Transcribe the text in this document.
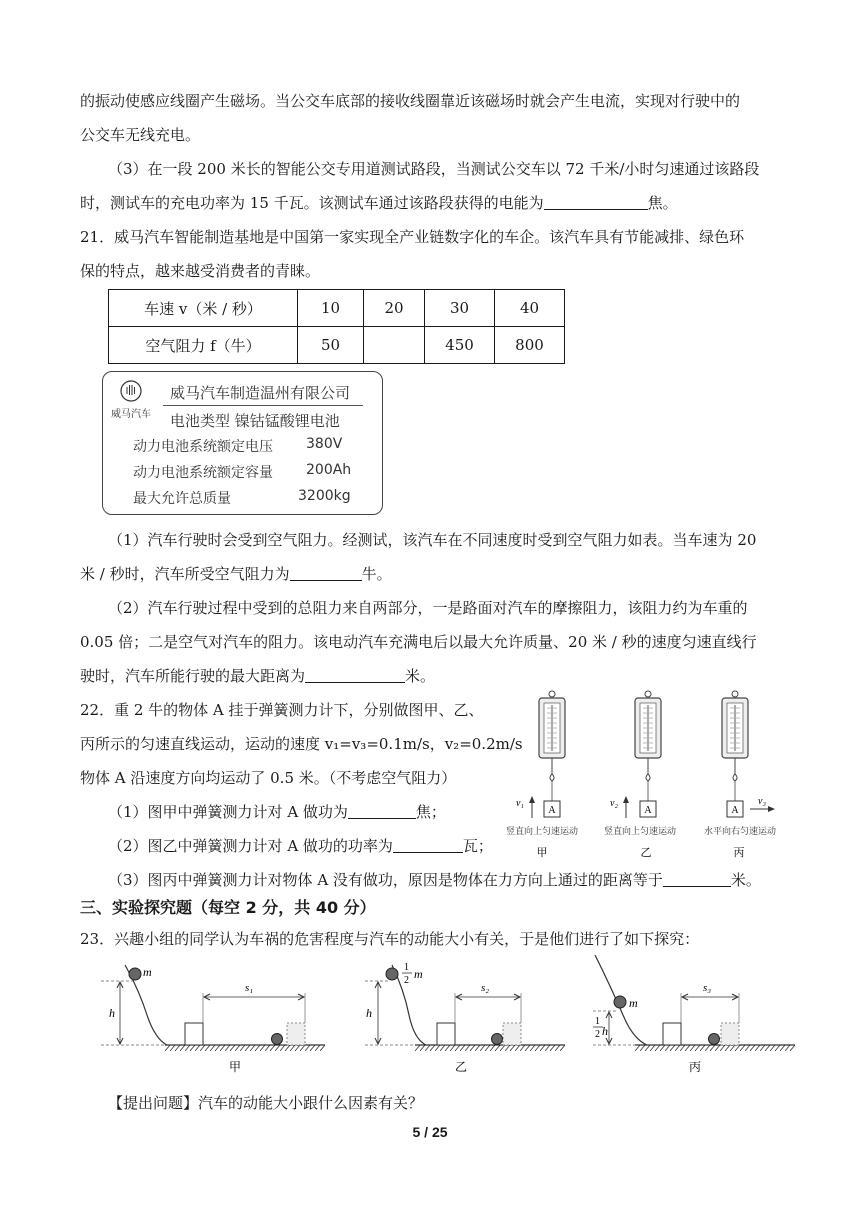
的振动使感应线圈产生磁场。当公交车底部的接收线圈靠近该磁场时就会产生电流，实现对行驶中的
公交车无线充电。
（3）在一段 200 米长的智能公交专用道测试路段，当测试公交车以 72 千米/小时匀速通过该路段
时，测试车的充电功率为 15 千瓦。该测试车通过该路段获得的电能为	焦。
21．威马汽车智能制造基地是中国第一家实现全产业链数字化的车企。该汽车具有节能减排、绿色环
保的特点，越来越受消费者的青睐。
车速 v（米 / 秒）	10	20	30	40
空气阻力 f（牛）	50		450	800
威马汽车
威马汽车制造温州有限公司
电池类型 镍钴锰酸锂电池
动力电池系统额定电压 380V
动力电池系统额定容量 200Ah
最大允许总质量	3200kg
（1）汽车行驶时会受到空气阻力。经测试，该汽车在不同速度时受到空气阻力如表。当车速为 20
米 / 秒时，汽车所受空气阻力为	牛。
（2）汽车行驶过程中受到的总阻力来自两部分，一是路面对汽车的摩擦阻力，该阻力约为车重的
0.05 倍；二是空气对汽车的阻力。该电动汽车充满电后以最大允许质量、20 米 / 秒的速度匀速直线行
驶时，汽车所能行驶的最大距离为	米。
22．重 2 牛的物体 A 挂于弹簧测力计下，分别做图甲、乙、
丙所示的匀速直线运动，运动的速度 v₁=v₃=0.1m/s，v₂=0.2m/s
物体 A 沿速度方向均运动了 0.5 米。（不考虑空气阻力）
（1）图甲中弹簧测力计对 A 做功为	焦；
（2）图乙中弹簧测力计对 A 做功的功率为	瓦；
（3）图丙中弹簧测力计对物体 A 没有做功，原因是物体在力方向上通过的距离等于	米。
A	A	A
v₁	v₂	v₃
竖直向上匀速运动	竖直向上匀速运动	水平向右匀速运动
甲	乙	丙
三、实验探究题（每空 2 分，共 40 分）
23．兴趣小组的同学认为车祸的危害程度与汽车的动能大小有关，于是他们进行了如下探究：
m
h
s₁
甲
1
2 m
h
s₂
乙
m
1
2 h
s₃
丙
【提出问题】汽车的动能大小跟什么因素有关？
5 / 25
